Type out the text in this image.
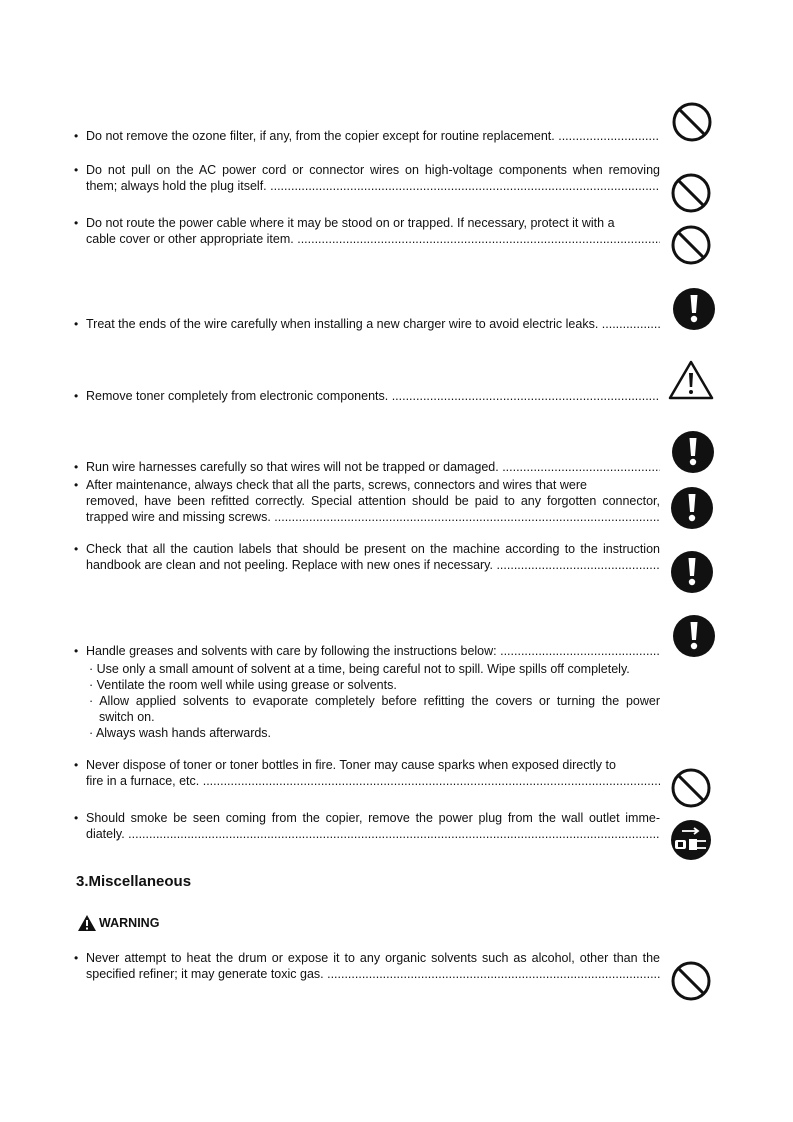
• Do not remove the ozone filter, if any, from the copier except for routine replacement. .....
• Do not pull on the AC power cord or connector wires on high-voltage components when removing
them; always hold the plug itself. .....
• Do not route the power cable where it may be stood on or trapped. If necessary, protect it with a
cable cover or other appropriate item. .....
• Treat the ends of the wire carefully when installing a new charger wire to avoid electric leaks. .....
• Remove toner completely from electronic components. .....
• Run wire harnesses carefully so that wires will not be trapped or damaged. .....
• After maintenance, always check that all the parts, screws, connectors and wires that were
removed, have been refitted correctly. Special attention should be paid to any forgotten connector,
trapped wire and missing screws. .....
• Check that all the caution labels that should be present on the machine according to the instruction
handbook are clean and not peeling. Replace with new ones if necessary. .....
• Handle greases and solvents with care by following the instructions below: .....
· Use only a small amount of solvent at a time, being careful not to spill. Wipe spills off completely.
· Ventilate the room well while using grease or solvents.
· Allow applied solvents to evaporate completely before refitting the covers or turning the power
switch on.
· Always wash hands afterwards.
• Never dispose of toner or toner bottles in fire. Toner may cause sparks when exposed directly to
fire in a furnace, etc. .....
• Should smoke be seen coming from the copier, remove the power plug from the wall outlet imme-
diately. .....
3.Miscellaneous
WARNING
• Never attempt to heat the drum or expose it to any organic solvents such as alcohol, other than the
specified refiner; it may generate toxic gas. .....
